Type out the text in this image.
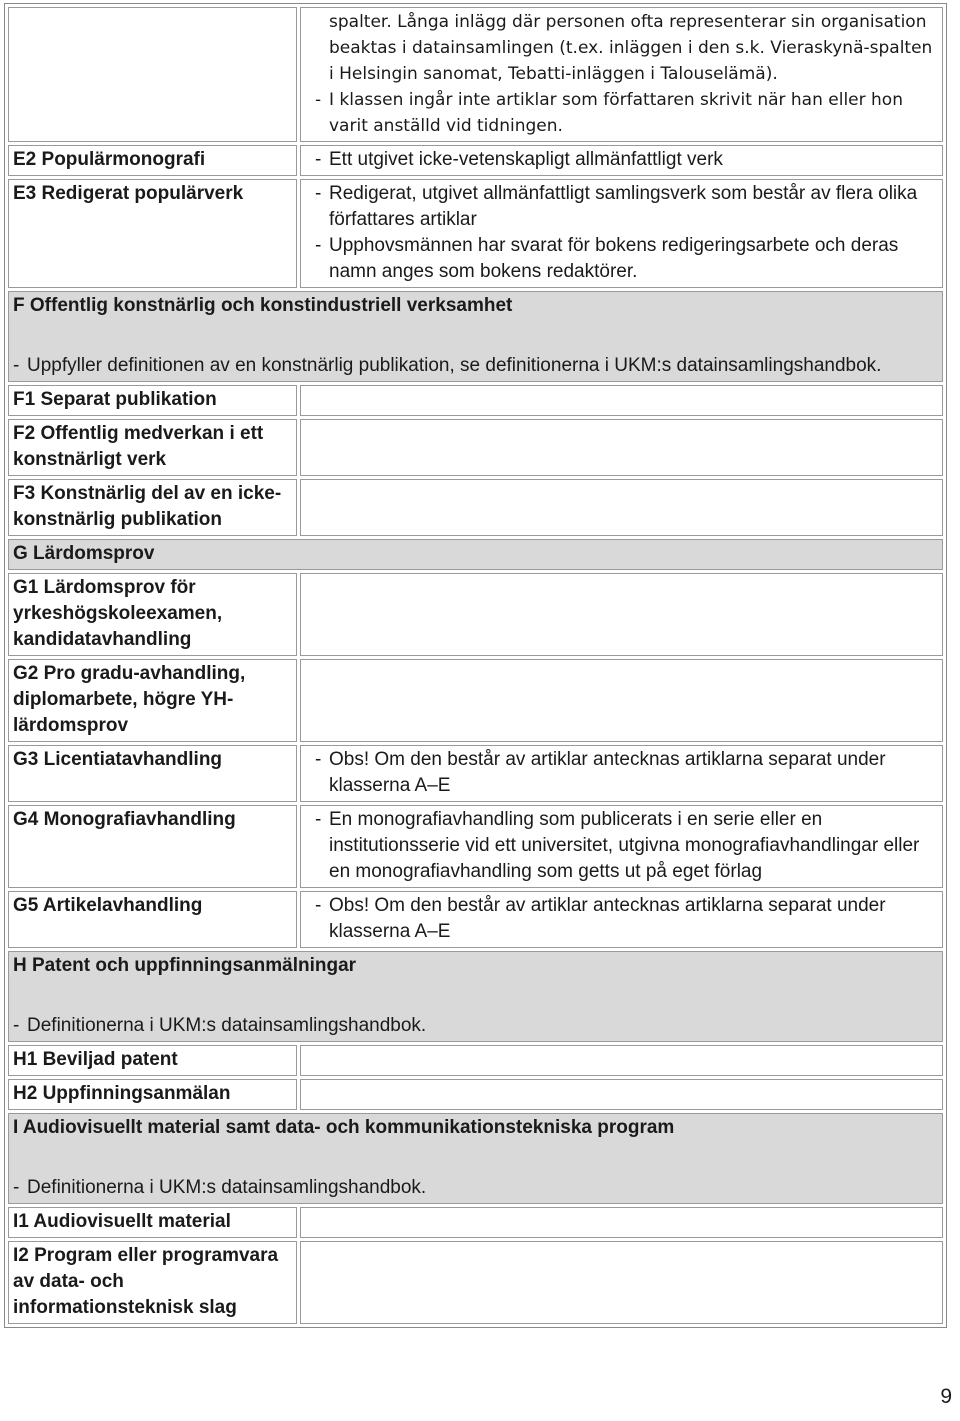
	spalter. Långa inlägg där personen ofta representerar sin organisation beaktas i datainsamlingen (t.ex. inläggen i den s.k. Vieraskynä-spalten i Helsingin sanomat, Tebatti-inläggen i Talouselämä).
- I klassen ingår inte artiklar som författaren skrivit när han eller hon varit anställd vid tidningen.

E2 Populärmonografi	- Ett utgivet icke-vetenskapligt allmänfattligt verk

E3 Redigerat populärverk	- Redigerat, utgivet allmänfattligt samlingsverk som består av flera olika författares artiklar
- Upphovsmännen har svarat för bokens redigeringsarbete och deras namn anges som bokens redaktörer.

F Offentlig konstnärlig och konstindustriell verksamhet
- Uppfyller definitionen av en konstnärlig publikation, se definitionerna i UKM:s datainsamlingshandbok.	

F1 Separat publikation	

F2 Offentlig medverkan i ett konstnärligt verk	

F3 Konstnärlig del av en icke-konstnärlig publikation	

G Lärdomsprov	

G1 Lärdomsprov för yrkeshögskoleexamen, kandidatavhandling	

G2 Pro gradu-avhandling, diplomarbete, högre YH-lärdomsprov	

G3 Licentiatavhandling	- Obs! Om den består av artiklar antecknas artiklarna separat under klasserna A–E

G4 Monografiavhandling	- En monografiavhandling som publicerats i en serie eller en institutionsserie vid ett universitet, utgivna monografiavhandlingar eller en monografiavhandling som getts ut på eget förlag

G5 Artikelavhandling	- Obs! Om den består av artiklar antecknas artiklarna separat under klasserna A–E

H Patent och uppfinningsanmälningar
- Definitionerna i UKM:s datainsamlingshandbok.	

H1 Beviljad patent	

H2 Uppfinningsanmälan	

I Audiovisuellt material samt data- och kommunikationstekniska program
- Definitionerna i UKM:s datainsamlingshandbok.	

I1 Audiovisuellt material	

I2 Program eller programvara av data- och informationsteknisk slag	
9
